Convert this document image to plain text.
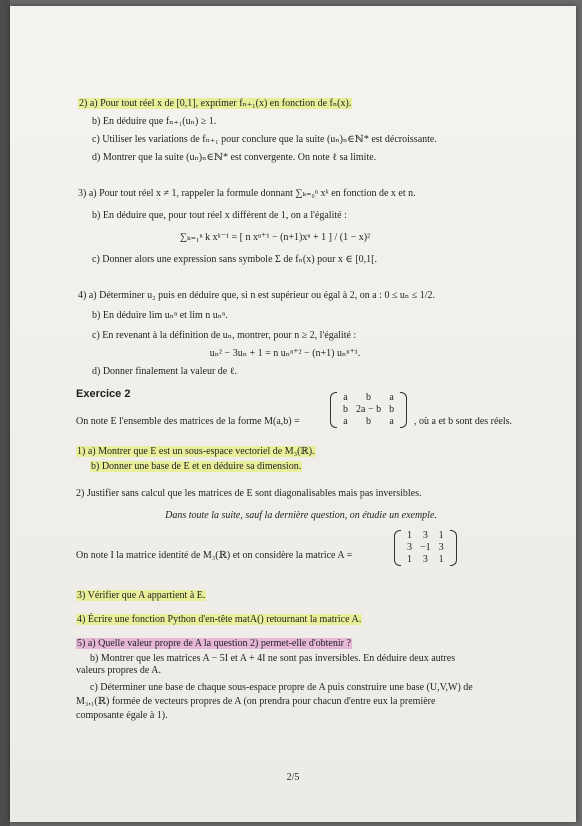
2) a) Pour tout réel x de [0,1], exprimer fₙ₊₁(x) en fonction de fₙ(x).
b) En déduire que fₙ₊₁(uₙ) ≥ 1.
c) Utiliser les variations de fₙ₊₁ pour conclure que la suite (uₙ)ₙ∈ℕ* est décroissante.
d) Montrer que la suite (uₙ)ₙ∈ℕ* est convergente. On note ℓ sa limite.
3) a) Pour tout réel x ≠ 1, rappeler la formule donnant ∑ₖ₌₀ⁿ xᵏ en fonction de x et n.
b) En déduire que, pour tout réel x différent de 1, on a l'égalité :
∑ₖ₌₁ⁿ k xᵏ⁻¹ = [ n xⁿ⁺¹ − (n+1)xⁿ + 1 ] / (1 − x)²
c) Donner alors une expression sans symbole Σ de fₙ(x) pour x ∈ [0,1[.
4) a) Déterminer u₂ puis en déduire que, si n est supérieur ou égal à 2, on a : 0 ≤ uₙ ≤ 1/2.
b) En déduire lim uₙⁿ et lim n uₙⁿ.
c) En revenant à la définition de uₙ, montrer, pour n ≥ 2, l'égalité :
uₙ² − 3uₙ + 1 = n uₙⁿ⁺² − (n+1) uₙⁿ⁺¹.
d) Donner finalement la valeur de ℓ.
Exercice 2
On note E l'ensemble des matrices de la forme M(a,b) =
a	b	a
b	2a − b	b
a	b	a , où a et b sont des réels.
1) a) Montrer que E est un sous-espace vectoriel de M₃(ℝ).
b) Donner une base de E et en déduire sa dimension.
2) Justifier sans calcul que les matrices de E sont diagonalisables mais pas inversibles.
Dans toute la suite, sauf la dernière question, on étudie un exemple.
On note I la matrice identité de M₃(ℝ) et on considère la matrice A =
1	3	1
3	−1	3
1	3	1
3) Vérifier que A appartient à E.
4) Écrire une fonction Python d'en-tête matA() retournant la matrice A.
5) a) Quelle valeur propre de A la question 2) permet-elle d'obtenir ?
b) Montrer que les matrices A − 5I et A + 4I ne sont pas inversibles. En déduire deux autres
valeurs propres de A.
c) Déterminer une base de chaque sous-espace propre de A puis construire une base (U,V,W) de
M₃,₁(ℝ) formée de vecteurs propres de A (on prendra pour chacun d'entre eux la première
composante égale à 1).
2/5
